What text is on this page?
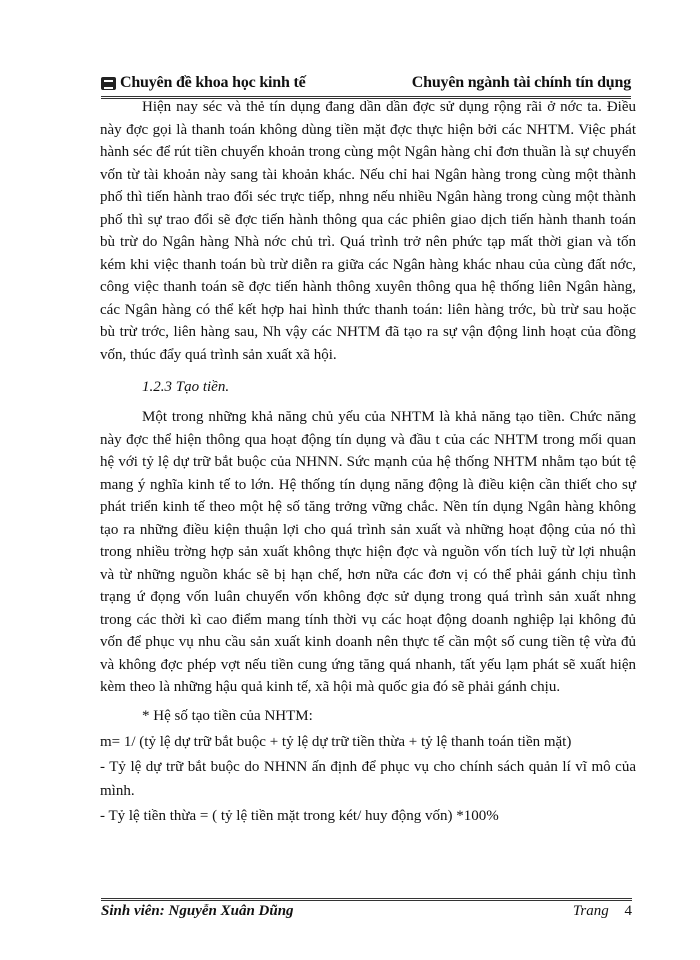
Chuyên đề khoa học kinh tế	Chuyên ngành tài chính tín dụng

Hiện nay séc và thẻ tín dụng đang dần dần đợc sử dụng rộng rãi ở nớc ta. Điều này đợc gọi là thanh toán không dùng tiền mặt đợc thực hiện bởi các NHTM. Việc phát hành séc để rút tiền chuyển khoản trong cùng một Ngân hàng chỉ đơn thuần là sự chuyển vốn từ tài khoản này sang tài khoản khác. Nếu chỉ hai Ngân hàng trong cùng một thành phố thì tiến hành trao đổi séc trực tiếp, nhng nếu nhiều Ngân hàng trong cùng một thành phố thì sự trao đổi sẽ đợc tiến hành thông qua các phiên giao dịch tiến hành thanh toán bù trừ do Ngân hàng Nhà nớc chủ trì. Quá trình trở nên phức tạp mất thời gian và tốn kém khi việc thanh toán bù trừ diễn ra giữa các Ngân hàng khác nhau của cùng đất nớc, công việc thanh toán sẽ đợc tiến hành thông xuyên thông qua hệ thống liên Ngân hàng, các Ngân hàng có thể kết hợp hai hình thức thanh toán: liên hàng trớc, bù trừ sau hoặc bù trừ trớc, liên hàng sau, Nh vậy các NHTM đã tạo ra sự vận động linh hoạt của đồng vốn, thúc đẩy quá trình sản xuất xã hội.

1.2.3 Tạo tiền.

Một trong những khả năng chủ yếu của NHTM là khả năng tạo tiền. Chức năng này đợc thể hiện thông qua hoạt động tín dụng và đầu t của các NHTM trong mối quan hệ với tỷ lệ dự trữ bắt buộc của NHNN. Sức mạnh của hệ thống NHTM nhằm tạo bút tệ mang ý nghĩa kinh tế to lớn. Hệ thống tín dụng năng động là điều kiện cần thiết cho sự phát triển kinh tế theo một hệ số tăng trởng vững chắc. Nền tín dụng Ngân hàng không tạo ra những điều kiện thuận lợi cho quá trình sản xuất và những hoạt động của nó thì trong nhiều trờng hợp sản xuất không thực hiện đợc và nguồn vốn tích luỹ từ lợi nhuận và từ những nguồn khác sẽ bị hạn chế, hơn nữa các đơn vị có thể phải gánh chịu tình trạng ứ đọng vốn luân chuyển vốn không đợc sử dụng trong quá trình sản xuất nhng trong các thời kì cao điểm mang tính thời vụ các hoạt động doanh nghiệp lại không đủ vốn để phục vụ nhu cầu sản xuất kinh doanh nên thực tế cần một số cung tiền tệ vừa đủ và không đợc phép vợt nếu tiền cung ứng tăng quá nhanh, tất yếu lạm phát sẽ xuất hiện kèm theo là những hậu quả kinh tế, xã hội mà quốc gia đó sẽ phải gánh chịu.

* Hệ số tạo tiền của NHTM:
m= 1/ (tỷ lệ dự trữ bắt buộc + tỷ lệ dự trữ tiền thừa + tỷ lệ thanh toán tiền mặt)

- Tỷ lệ dự trữ bắt buộc do NHNN ấn định để phục vụ cho chính sách quản lí vĩ mô của mình.

- Tỷ lệ tiền thừa = ( tỷ lệ tiền mặt trong két/ huy động vốn) *100%
Sinh viên: Nguyễn Xuân Dũng	Trang 4
